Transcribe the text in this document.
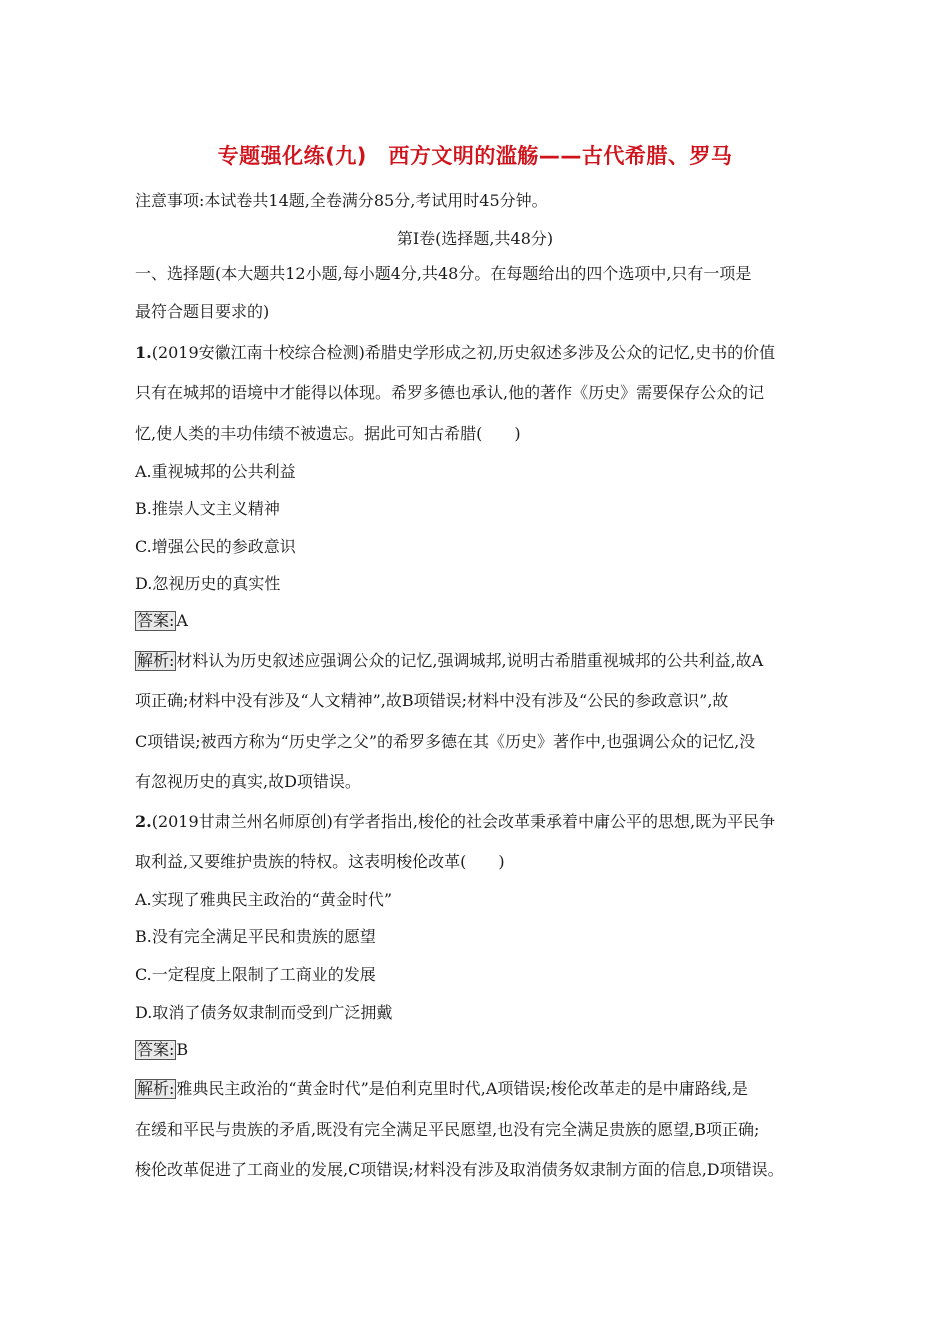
专题强化练(九)　西方文明的滥觞——古代希腊、罗马
注意事项:本试卷共14题,全卷满分85分,考试用时45分钟。
第Ⅰ卷(选择题,共48分)
一、选择题(本大题共12小题,每小题4分,共48分。在每题给出的四个选项中,只有一项是
最符合题目要求的)
1.(2019安徽江南十校综合检测)希腊史学形成之初,历史叙述多涉及公众的记忆,史书的价值
只有在城邦的语境中才能得以体现。希罗多德也承认,他的著作《历史》需要保存公众的记
忆,使人类的丰功伟绩不被遗忘。据此可知古希腊(　　)
A.重视城邦的公共利益
B.推崇人文主义精神
C.增强公民的参政意识
D.忽视历史的真实性
答案: A
解析: 材料认为历史叙述应强调公众的记忆,强调城邦,说明古希腊重视城邦的公共利益,故A
项正确;材料中没有涉及“人文精神”,故B项错误;材料中没有涉及“公民的参政意识”,故
C项错误;被西方称为“历史学之父”的希罗多德在其《历史》著作中,也强调公众的记忆,没
有忽视历史的真实,故D项错误。
2.(2019甘肃兰州名师原创)有学者指出,梭伦的社会改革秉承着中庸公平的思想,既为平民争
取利益,又要维护贵族的特权。这表明梭伦改革(　　)
A.实现了雅典民主政治的“黄金时代”
B.没有完全满足平民和贵族的愿望
C.一定程度上限制了工商业的发展
D.取消了债务奴隶制而受到广泛拥戴
答案: B
解析: 雅典民主政治的“黄金时代”是伯利克里时代,A项错误;梭伦改革走的是中庸路线,是
在缓和平民与贵族的矛盾,既没有完全满足平民愿望,也没有完全满足贵族的愿望,B项正确;
梭伦改革促进了工商业的发展,C项错误;材料没有涉及取消债务奴隶制方面的信息,D项错误。
